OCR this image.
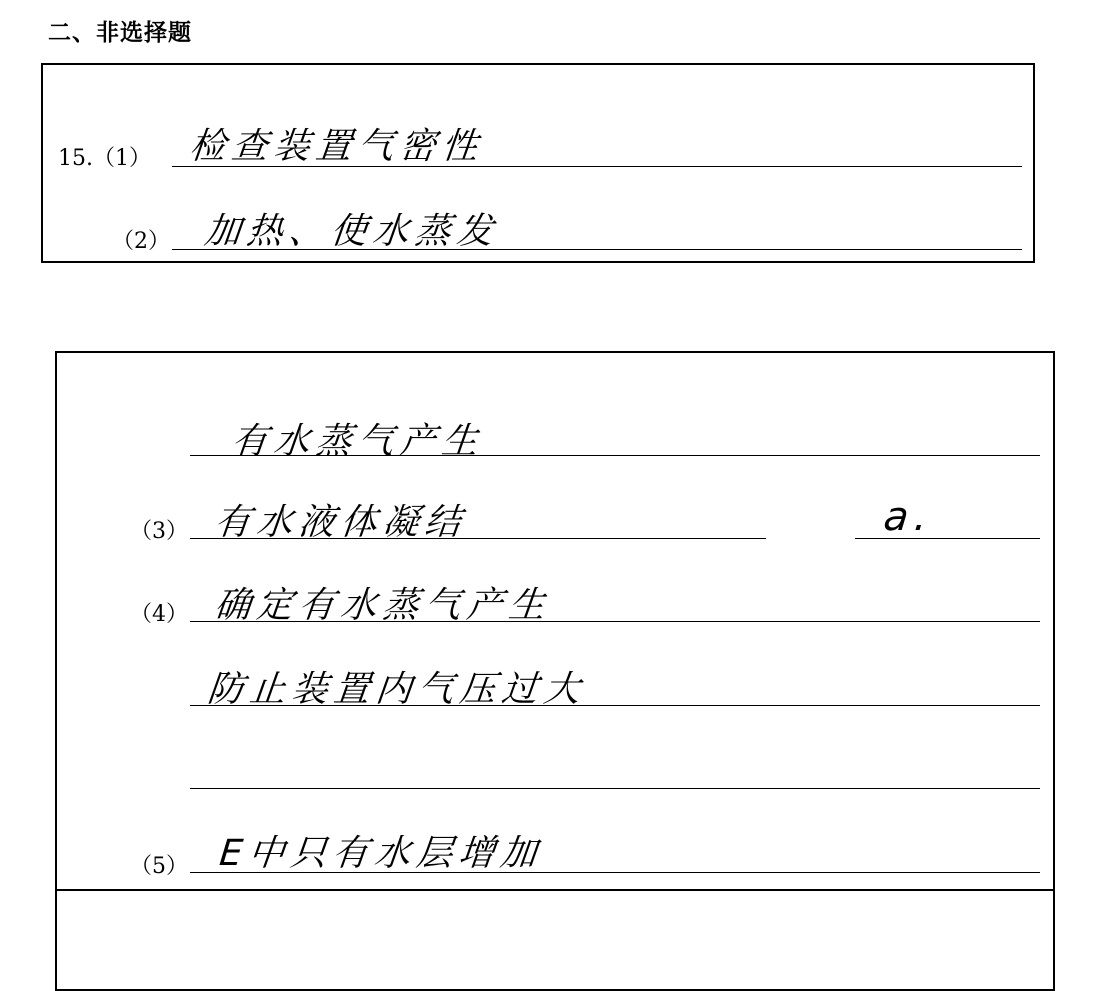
二、非选择题
15.（1） 检查装置气密性
（2） 加热、使水蒸发
有水蒸气产生
（3） 有水液体凝结	a.
（4） 确定有水蒸气产生
防止装置内气压过大
（5） E中只有水层增加
